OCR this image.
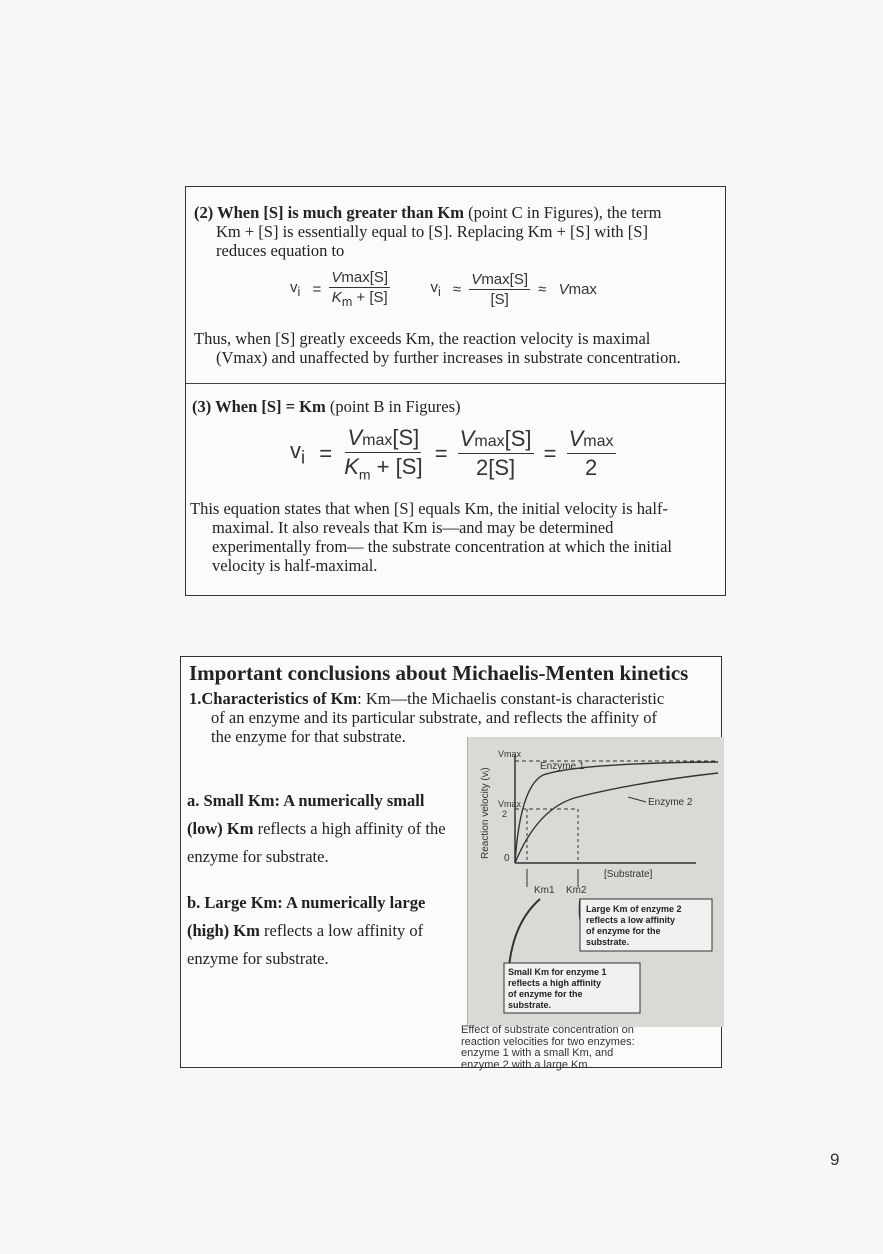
(2) When [S] is much greater than Km (point C in Figures), the term
Km + [S] is essentially equal to [S]. Replacing Km + [S] with [S]
reduces equation to
$v_i = \frac{Vmax[S]}{K_m + [S]}$	$v_i \approx \frac{Vmax[S]}{[S]} \approx Vmax$
Thus, when [S] greatly exceeds Km, the reaction velocity is maximal
(Vmax) and unaffected by further increases in substrate concentration.
(3) When [S] = Km (point B in Figures)
$v_i = \frac{Vmax[S]}{K_m + [S]} = \frac{Vmax[S]}{2[S]} = \frac{Vmax}{2}$
This equation states that when [S] equals Km, the initial velocity is half-
maximal. It also reveals that Km is—and may be determined
experimentally from— the substrate concentration at which the initial
velocity is half-maximal.
Important conclusions about Michaelis-Menten kinetics
1.Characteristics of Km: Km—the Michaelis constant-is characteristic
of an enzyme and its particular substrate, and reflects the affinity of
the enzyme for that substrate.
a. Small Km: A numerically small
(low) Km reflects a high affinity of the
enzyme for substrate.
b. Large Km: A numerically large
(high) Km reflects a low affinity of
enzyme for substrate.
Reaction velocity (vᵢ)
Vmax
Vmax
2
0
Enzyme 1
Enzyme 2
[Substrate]
Km1 Km2
Large Km of enzyme 2 reflects a low affinity of enzyme for the substrate.
Small Km for enzyme 1 reflects a high affinity of enzyme for the substrate.
Effect of substrate concentration on
reaction velocities for two enzymes:
enzyme 1 with a small Km, and
enzyme 2 with a large Km.
9
